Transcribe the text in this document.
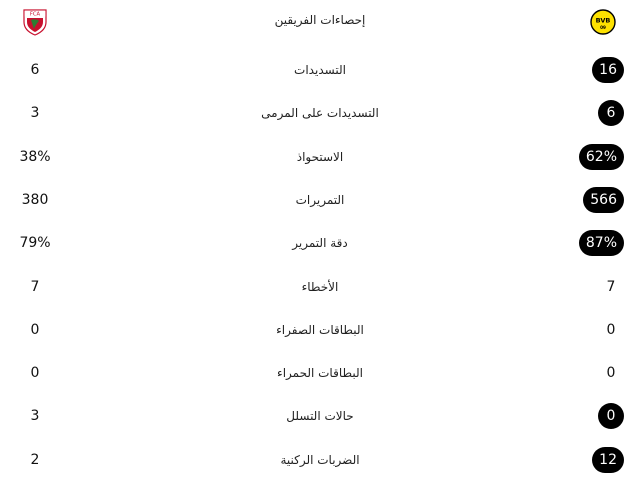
FCA	إحصاءات الفريقين	BVB
09
6	التسديدات	16
3	التسديدات على المرمى	6
38%	الاستحواذ	62%
380	التمريرات	566
79%	دقة التمرير	87%
7	الأخطاء	7
0	البطاقات الصفراء	0
0	البطاقات الحمراء	0
3	حالات التسلل	0
2	الضربات الركنية	12
